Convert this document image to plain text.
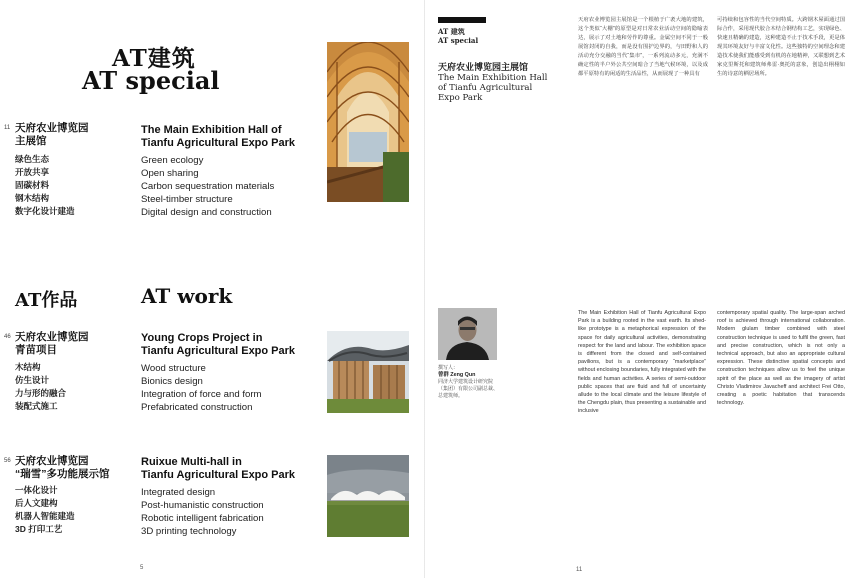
AT建筑
AT special
11 天府农业博览园
主展馆
绿色生态
开放共享
固碳材料
钢木结构
数字化设计建造
The Main Exhibition Hall of
Tianfu Agricultural Expo Park
Green ecology
Open sharing
Carbon sequestration materials
Steel-timber structure
Digital design and construction
AT作品	AT work
46 天府农业博览园
青苗项目
木结构
仿生设计
力与形的融合
装配式施工
Young Crops Project in
Tianfu Agricultural Expo Park
Wood structure
Bionics design
Integration of force and form
Prefabricated construction
56 天府农业博览园
“瑞雪”多功能展示馆
一体化设计
后人文建构
机器人智能建造
3D 打印工艺
Ruixue Multi-hall in
Tianfu Agricultural Expo Park
Integrated design
Post-humanistic construction
Robotic intelligent fabrication
3D printing technology
5
AT 建筑
AT special
天府农业博览园主展馆
The Main Exhibition Hall
of Tianfu Agricultural
Expo Park
天府农业博览园主展馆是一个根植于广袤大地的建筑，这个类似“大棚”的原型是对日常农业活动空间的隐喻表达，展示了对土地和劳作的尊重。金属空间不同于一般展馆封闭的自我，而是没有围护边界的，与田野和人的活动充分交融的当代“集市”，一系列流动多元，充满不确定性的半户外公共空间暗合了当地气候环境，以及成都平原特有的闲适的生活品性，从而展现了一种具有
可持续和包容性的当代空间特质。大跨钢木屋面通过国际合作，采用现代胶合木结合钢结构工艺，实现绿色、快速且精确的建造，这种建造不止于技术手段，更是体现其环境友好与丰富文化性。这些独特的空间理念和建造技术使我们能感受到有机的在地精神，又联想到艺术家克里斯托和建筑师弗雷·奥托的意象，创造出栩栩如生的诗意的栖居场所。
撰写人：
曾群 Zeng Qun
同济大学建筑设计研究院（集团）有限公司副总裁、总建筑师。
The Main Exhibition Hall of Tianfu Agricultural Expo Park is a building rooted in the vast earth. Its shed-like prototype is a metaphorical expression of the space for daily agricultural activities, demonstrating respect for the land and labour. The exhibition space is different from the closed and self-contained pavilions, but is a contemporary “marketplace” without enclosing boundaries, fully integrated with the fields and human activities. A series of semi-outdoor public spaces that are fluid and full of uncertainty allude to the local climate and the leisure lifestyle of the Chengdu plain, thus presenting a sustainable and inclusive
contemporary spatial quality. The large-span arched roof is achieved through international collaboration. Modern glulam timber combined with steel construction technique is used to fulfil the green, fast and precise construction, which is not only a technical approach, but also an appropriate cultural expression. These distinctive spatial concepts and construction techniques allow us to feel the unique spirit of the place as well as the imagery of artist Christo Vladimirov Javacheff and architect Frei Otto, creating a poetic habitation that transcends technology.
11
